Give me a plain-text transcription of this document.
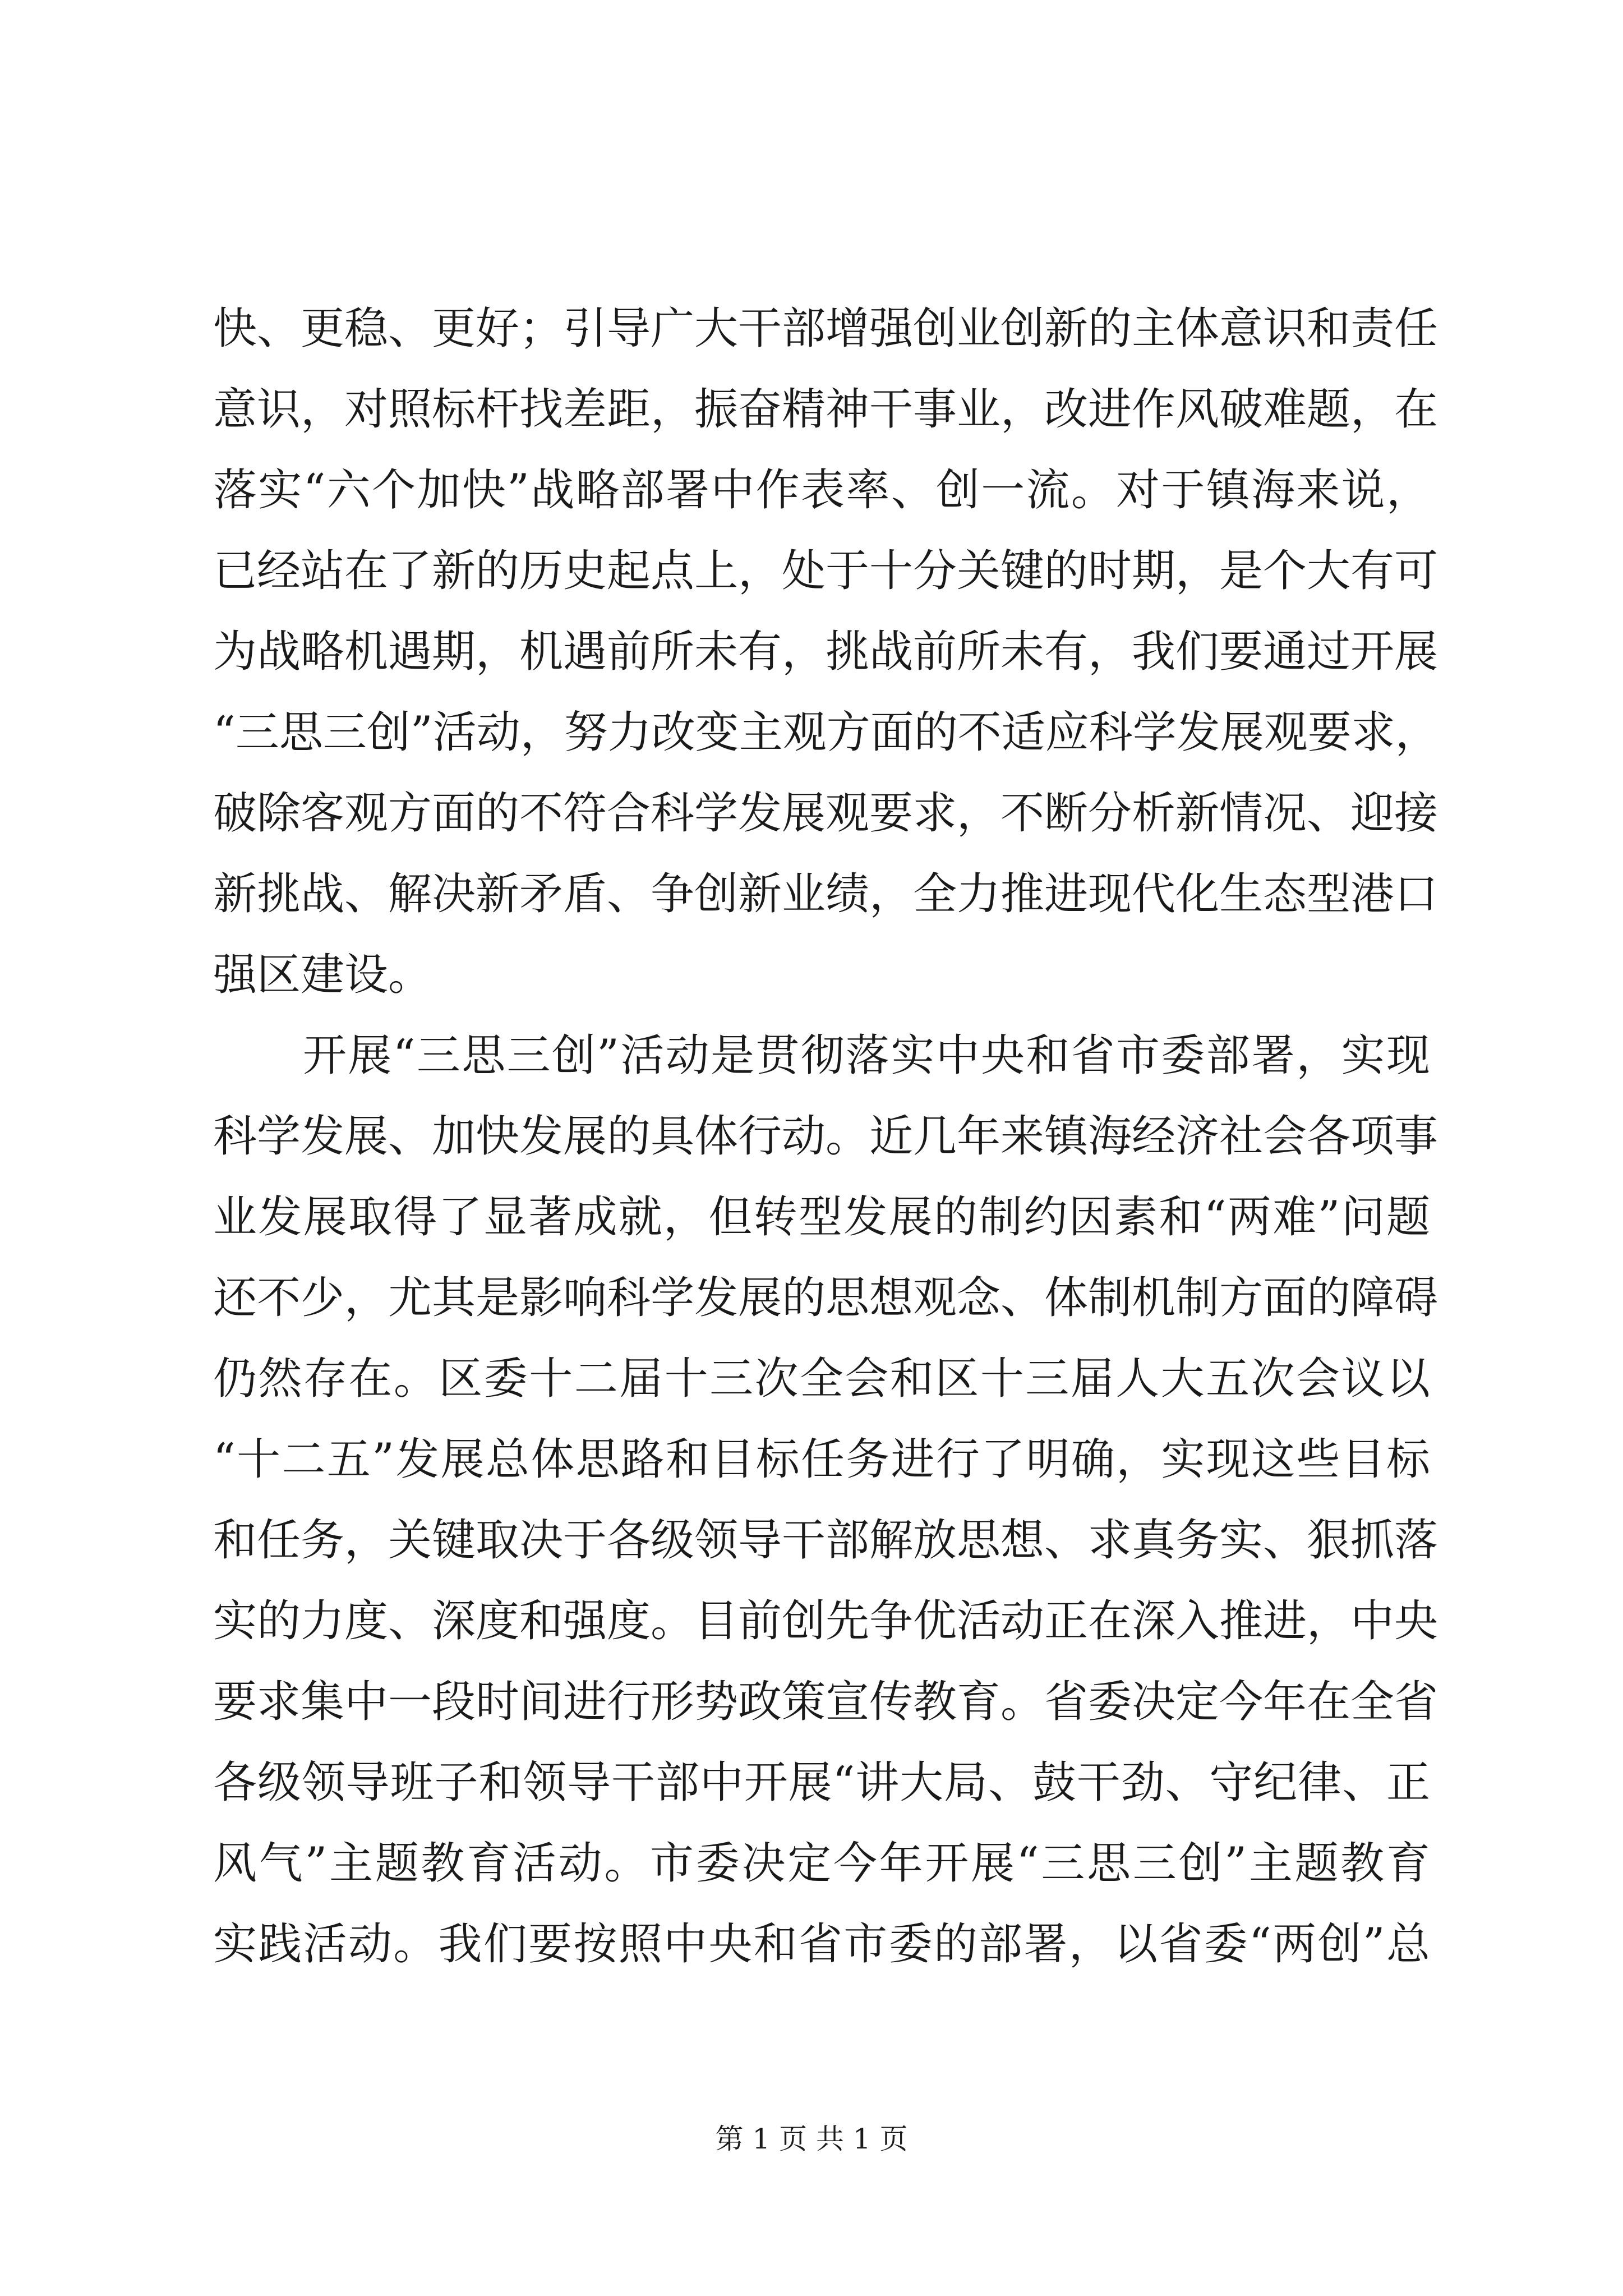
快、更稳、更好；引导广大干部增强创业创新的主体意识和责任
意识，对照标杆找差距，振奋精神干事业，改进作风破难题，在
落实“六个加快”战略部署中作表率、创一流。对于镇海来说，
已经站在了新的历史起点上，处于十分关键的时期，是个大有可
为战略机遇期，机遇前所未有，挑战前所未有，我们要通过开展
“三思三创”活动，努力改变主观方面的不适应科学发展观要求，
破除客观方面的不符合科学发展观要求，不断分析新情况、迎接
新挑战、解决新矛盾、争创新业绩，全力推进现代化生态型港口
强区建设。
开展“三思三创”活动是贯彻落实中央和省市委部署，实现
科学发展、加快发展的具体行动。近几年来镇海经济社会各项事
业发展取得了显著成就，但转型发展的制约因素和“两难”问题
还不少，尤其是影响科学发展的思想观念、体制机制方面的障碍
仍然存在。区委十二届十三次全会和区十三届人大五次会议以
“十二五”发展总体思路和目标任务进行了明确，实现这些目标
和任务，关键取决于各级领导干部解放思想、求真务实、狠抓落
实的力度、深度和强度。目前创先争优活动正在深入推进，中央
要求集中一段时间进行形势政策宣传教育。省委决定今年在全省
各级领导班子和领导干部中开展“讲大局、鼓干劲、守纪律、正
风气”主题教育活动。市委决定今年开展“三思三创”主题教育
实践活动。我们要按照中央和省市委的部署，以省委“两创”总
第 1 页 共 1 页
